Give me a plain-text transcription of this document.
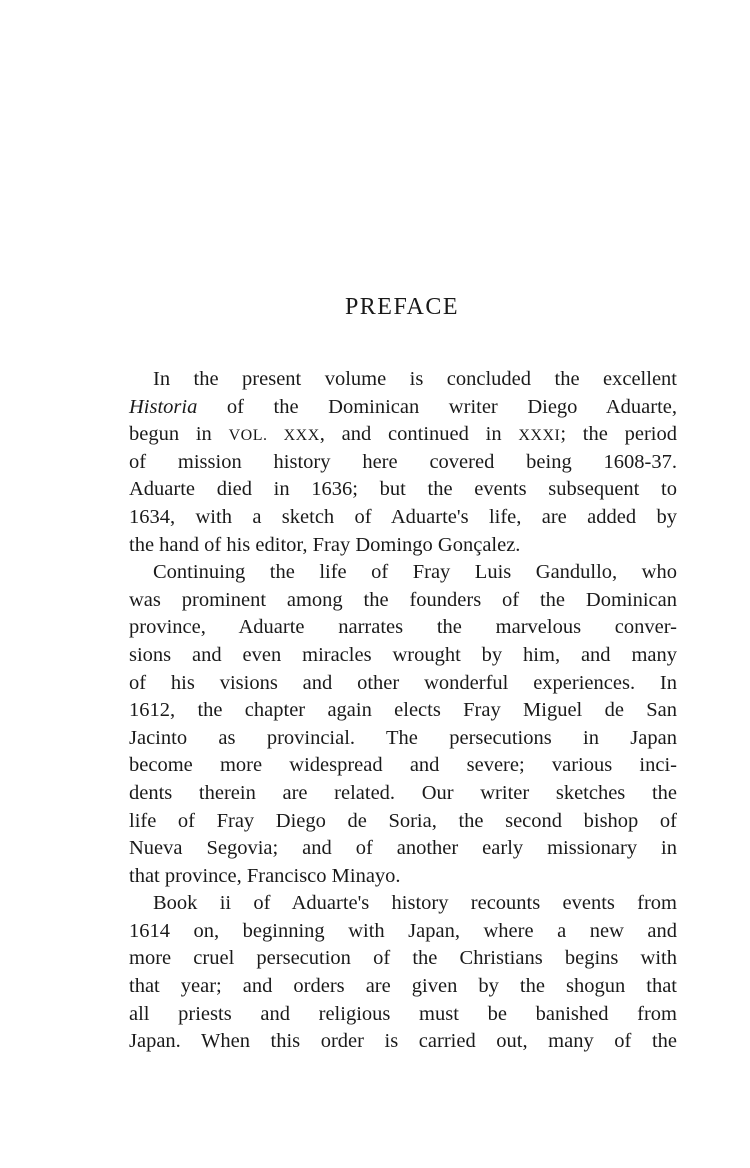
PREFACE
In the present volume is concluded the excellent
Historia of the Dominican writer Diego Aduarte,
begun in VOL. XXX, and continued in XXXI; the period
of mission history here covered being 1608-37.
Aduarte died in 1636; but the events subsequent to
1634, with a sketch of Aduarte's life, are added by
the hand of his editor, Fray Domingo Gonçalez.
Continuing the life of Fray Luis Gandullo, who
was prominent among the founders of the Dominican
province, Aduarte narrates the marvelous conver-
sions and even miracles wrought by him, and many
of his visions and other wonderful experiences. In
1612, the chapter again elects Fray Miguel de San
Jacinto as provincial. The persecutions in Japan
become more widespread and severe; various inci-
dents therein are related. Our writer sketches the
life of Fray Diego de Soria, the second bishop of
Nueva Segovia; and of another early missionary in
that province, Francisco Minayo.
Book ii of Aduarte's history recounts events from
1614 on, beginning with Japan, where a new and
more cruel persecution of the Christians begins with
that year; and orders are given by the shogun that
all priests and religious must be banished from
Japan. When this order is carried out, many of the
